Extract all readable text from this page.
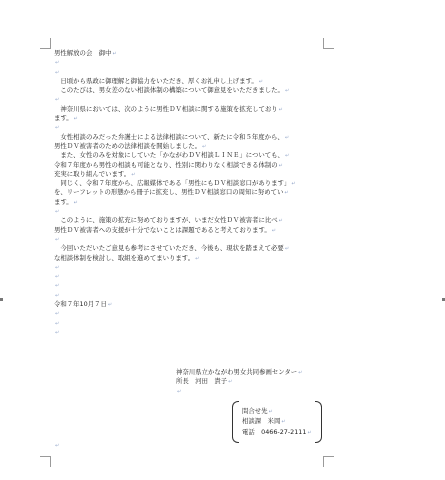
男性解放の会　御中↵
↵
↵
日頃から県政に御理解と御協力をいただき、厚くお礼申し上げます。↵
このたびは、男女差のない相談体制の構築について御意見をいただきました。↵
↵
神奈川県においては、次のように男性ＤＶ相談に関する施策を拡充しており↵
ます。↵
↵
女性相談のみだった弁護士による法律相談について、新たに令和５年度から、↵
男性ＤＶ被害者のための法律相談を開始しました。↵
また、女性のみを対象にしていた「かながわＤＶ相談ＬＩＮＥ」についても、↵
令和７年度から男性の相談も可能となり、性別に関わりなく相談できる体制の↵
充実に取り組んでいます。↵
同じく、令和７年度から、広報媒体である「男性にもＤＶ相談窓口があります」↵
を、リーフレットの形態から冊子に拡充し、男性ＤＶ相談窓口の周知に努めてい↵
ます。↵
↵
このように、施策の拡充に努めておりますが、いまだ女性ＤＶ被害者に比べ↵
男性ＤＶ被害者への支援が十分でないことは課題であると考えております。↵
↵
今回いただいたご意見も参考にさせていただき、今後も、現状を踏まえて必要↵
な相談体制を検討し、取組を進めてまいります。↵
↵
↵
↵
↵
令和７年10月７日↵
↵
↵
↵
神奈川県立かながわ男女共同参画センター↵
所長　河田　貴子↵
↵
問合せ先↵
相談課　米岡↵
電話　0466-27-2111↵
↵
